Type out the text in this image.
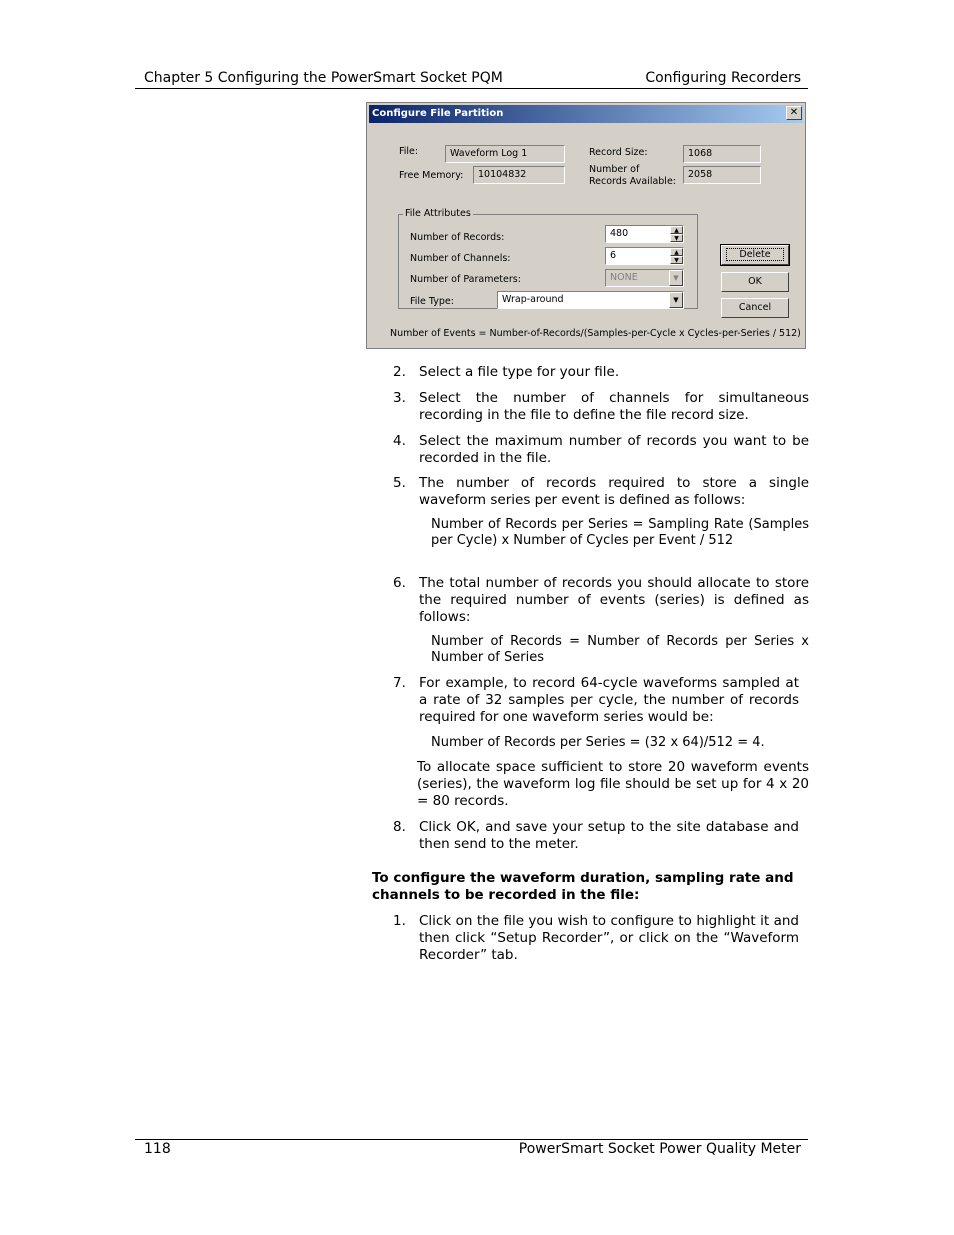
Chapter 5 Configuring the PowerSmart Socket PQM	Configuring Recorders
Configure File Partition	✕
File:	Waveform Log 1
Free Memory:	10104832
Record Size:	1068
Number of Records Available:
2058
File Attributes
Number of Records:	480	▲
▼
Number of Channels:	6	▲
▼
Number of Parameters:	NONE	▼
File Type:	Wrap-around	▼
Delete
OK
Cancel
Number of Events = Number-of-Records/(Samples-per-Cycle x Cycles-per-Series / 512)
2. Select a file type for your file.
3. Select the number of channels for simultaneous recording in the file to define the file record size.
4. Select the maximum number of records you want to be recorded in the file.
5. The number of records required to store a single waveform series per event is defined as follows:
Number of Records per Series = Sampling Rate (Samples per Cycle) x Number of Cycles per Event / 512
6. The total number of records you should allocate to store the required number of events (series) is defined as follows:
Number of Records = Number of Records per Series x Number of Series
7. For example, to record 64-cycle waveforms sampled at a rate of 32 samples per cycle, the number of records required for one waveform series would be:
Number of Records per Series = (32 x 64)/512 = 4.
To allocate space sufficient to store 20 waveform events (series), the waveform log file should be set up for 4 x 20 = 80 records.
8. Click OK, and save your setup to the site database and then send to the meter.
To configure the waveform duration, sampling rate and channels to be recorded in the file:
1. Click on the file you wish to configure to highlight it and then click “Setup Recorder”, or click on the “Waveform Recorder” tab.
118	PowerSmart Socket Power Quality Meter
